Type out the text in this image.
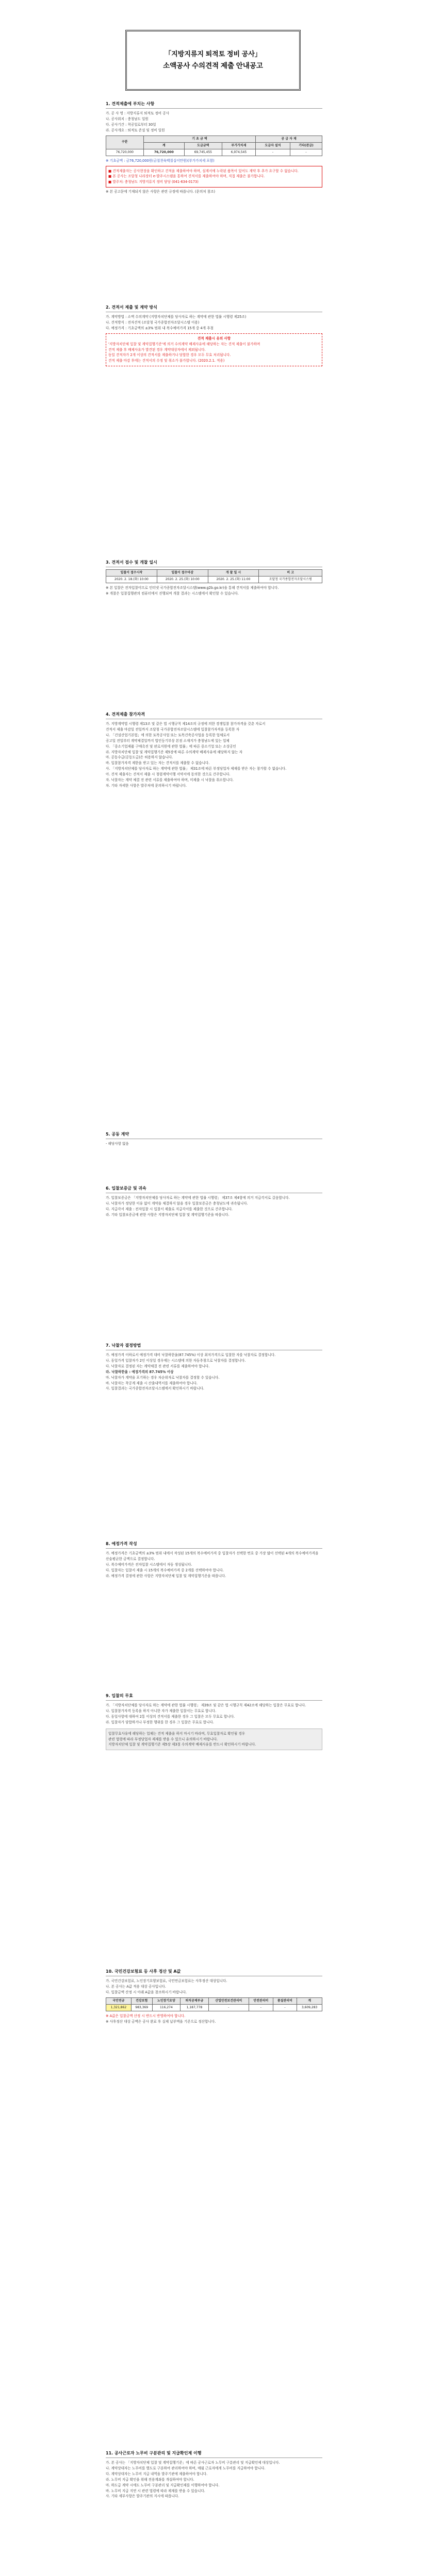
「지방지류지 퇴적토 정비 공사」
소액공사 수의견적 제출 안내공고
1. 견적제출에 부치는 사항
가. 공 사 명 : 지방지류지 퇴적토 정비 공사
나. 공사위치 : 충청남도 일원
다. 공사기간 : 착공일로부터 30일
라. 공사개요 : 퇴적토 준설 및 정비 일원
구분	기 초 금 액			공 급 자 재	
	계	도급금액	부가가치세	도급자 설치	기타(관급)
76,720,000	76,720,000	69,745,455	6,974,545	-	-
※ 기초금액 : 금76,720,000원(금칠천육백칠십이만원)(부가가치세 포함)
■ 견적제출자는 공사현장을 확인하고 견적을 제출하여야 하며, 설계서에 누락된 품목이 있어도 계약 후 추가 요구할 수 없습니다.
■ 본 공사는 조달청 나라장터 e-발주시스템을 통하여 견적서를 제출하여야 하며, 직접 제출은 불가합니다.
■ 발주처: 충청남도 지방지류지 정비 담당 (041-634-0173)
※ 본 공고문에 기재되지 않은 사항은 관련 규정에 따릅니다. (문의처 참조)
2. 견적서 제출 및 계약 방식
가. 계약방법 : 소액 수의계약 (지방자치단체를 당사자로 하는 계약에 관한 법률 시행령 제25조)
나. 견적방식 : 전자견적 (조달청 국가종합전자조달시스템 이용)
다. 예정가격 : 기초금액의 ±3% 범위 내 복수예비가격 15개 중 4개 추첨
견적 제출시 유의 사항
'지방자치단체 입찰 및 계약집행기준'에 의거 수의계약 배제사유에 해당하는 자는 견적 제출이 불가하며
견적 제출 후 배제사유가 발견된 경우 계약대상자에서 제외됩니다.
동일 견적자가 2개 이상의 견적서를 제출하거나 담합한 경우 모두 무효 처리됩니다.
견적 제출 마감 후에는 견적서의 수정 및 취소가 불가합니다. (2020.2.1. 적용)
3. 견적서 접수 및 개찰 일시
입찰서 접수시작	입찰서 접수마감	개 찰 일 시	비 고
2020. 2. 18.(화) 10:00	2020. 2. 25.(화) 10:00	2020. 2. 25.(화) 11:00	조달청 국가종합전자조달시스템
※ 본 입찰은 전자입찰이므로 인터넷 국가종합전자조달시스템(www.g2b.go.kr)을 통해 견적서를 제출하여야 합니다.
※ 개찰은 입찰집행관의 컴퓨터에서 진행되며 개찰 결과는 시스템에서 확인할 수 있습니다.
4. 견적제출 참가자격
가. 지방계약법 시행령 제13조 및 같은 법 시행규칙 제14조의 규정에 의한 경쟁입찰 참가자격을 갖춘 자로서
견적서 제출 마감일 전일까지 조달청 국가종합전자조달시스템에 입찰참가자격을 등록한 자
나. 「건설산업기본법」에 의한 토목공사업 또는 토목건축공사업을 등록한 업체로서
공고일 전일부터 계약체결일까지 법인등기부상 본점 소재지가 충청남도에 있는 업체
다. 「중소기업제품 구매촉진 및 판로지원에 관한 법률」에 따른 중소기업 또는 소상공인
라. 지방자치단체 입찰 및 계약집행기준 제5장에 따른 수의계약 배제사유에 해당하지 않는 자
마. 공동수급(공동도급)은 허용하지 않습니다.
바. 입찰참가자격 제한을 받고 있는 자는 견적서를 제출할 수 없습니다.
사. 「지방자치단체를 당사자로 하는 계약에 관한 법률」 제31조에 따른 부정당업자 제재를 받은 자는 참가할 수 없습니다.
아. 견적 제출자는 견적서 제출 시 청렴계약이행 서약서에 동의한 것으로 간주합니다.
자. 낙찰자는 계약 체결 전 관련 서류를 제출하여야 하며, 미제출 시 낙찰을 취소합니다.
차. 기타 자세한 사항은 발주처에 문의하시기 바랍니다.
5. 공동 계약
- 해당사항 없음
6. 입찰보증금 및 귀속
가. 입찰보증금은 「지방자치단체를 당사자로 하는 계약에 관한 법률 시행령」 제37조 제4항에 의거 지급각서로 갈음합니다.
나. 낙찰자가 정당한 이유 없이 계약을 체결하지 않을 경우 입찰보증금은 충청남도에 귀속됩니다.
다. 지급각서 제출 : 전자입찰 시 입찰서 제출로 지급각서를 제출한 것으로 간주합니다.
라. 기타 입찰보증금에 관한 사항은 지방자치단체 입찰 및 계약집행기준을 따릅니다.
7. 낙찰자 결정방법
가. 예정가격 이하로서 예정가격 대비 낙찰하한율(87.745%) 이상 최저가격으로 입찰한 자를 낙찰자로 결정합니다.
나. 동일가격 입찰자가 2인 이상일 경우에는 시스템에 의한 자동추첨으로 낙찰자를 결정합니다.
다. 낙찰자로 결정된 자는 계약체결 전 관련 서류를 제출하여야 합니다.
라. 낙찰하한율 : 예정가격의 87.745% 이상
마. 낙찰자가 계약을 포기하는 경우 차순위자로 낙찰자를 결정할 수 있습니다.
바. 낙찰자는 착공계 제출 시 산출내역서를 제출하여야 합니다.
사. 입찰결과는 국가종합전자조달시스템에서 확인하시기 바랍니다.
8. 예정가격 작성
가. 예정가격은 기초금액의 ±3% 범위 내에서 작성된 15개의 복수예비가격 중 입찰자가 선택한 번호 중 가장 많이 선택된 4개의 복수예비가격을 산술평균한 금액으로 결정합니다.
나. 복수예비가격은 전자입찰 시스템에서 자동 생성됩니다.
다. 입찰자는 입찰서 제출 시 15개의 복수예비가격 중 2개를 선택하여야 합니다.
라. 예정가격 결정에 관한 사항은 지방자치단체 입찰 및 계약집행기준을 따릅니다.
9. 입찰의 무효
가. 「지방자치단체를 당사자로 하는 계약에 관한 법률 시행령」 제39조 및 같은 법 시행규칙 제42조에 해당하는 입찰은 무효로 합니다.
나. 입찰참가자격 등록을 하지 아니한 자가 제출한 입찰서는 무효로 합니다.
다. 동일사항에 대하여 2통 이상의 견적서를 제출한 경우 그 입찰은 모두 무효로 합니다.
라. 입찰자가 담합하거나 부정한 행위를 한 경우 그 입찰은 무효로 합니다.
입찰무효사유에 해당하는 업체는 견적 제출을 하지 마시기 바라며, 무효입찰자로 확인될 경우
관련 법령에 따라 부정당업자 제재를 받을 수 있으니 유의하시기 바랍니다.
지방자치단체 입찰 및 계약집행기준 제5장 제3절 수의계약 배제사유를 반드시 확인하시기 바랍니다.
10. 국민건강보험료 등 사후 정산 및 A값
가. 국민건강보험료, 노인장기요양보험료, 국민연금보험료는 사후정산 대상입니다.
나. 본 공사는 A값 적용 대상 공사입니다.
다. 입찰금액 산정 시 아래 A값을 참조하시기 바랍니다.
국민연금	건강보험	노인장기요양	퇴직공제부금	산업안전보건관리비	안전관리비	품질관리비	계
1,321,862	983,369	116,274	1,187,778	-	-	-	3,609,283
※ A값은 입찰금액 산정 시 반드시 반영하여야 합니다.
※ 사후정산 대상 금액은 공사 완료 후 실제 납부액을 기준으로 정산합니다.
11. 공사근로자 노무비 구분관리 및 지급확인제 이행
가. 본 공사는 「지방자치단체 입찰 및 계약집행기준」에 따른 공사근로자 노무비 구분관리 및 지급확인제 대상입니다.
나. 계약상대자는 노무비를 별도로 구분하여 관리하여야 하며, 매월 근로자에게 노무비를 지급하여야 합니다.
다. 계약상대자는 노무비 지급 내역을 발주기관에 제출하여야 합니다.
라. 노무비 지급 확인을 위해 전용계좌를 개설하여야 합니다.
마. 하도급 계약 시에도 노무비 구분관리 및 지급확인제를 이행하여야 합니다.
바. 노무비 지급 지연 시 관련 법령에 따라 제재를 받을 수 있습니다.
사. 기타 세부사항은 발주기관의 지시에 따릅니다.
